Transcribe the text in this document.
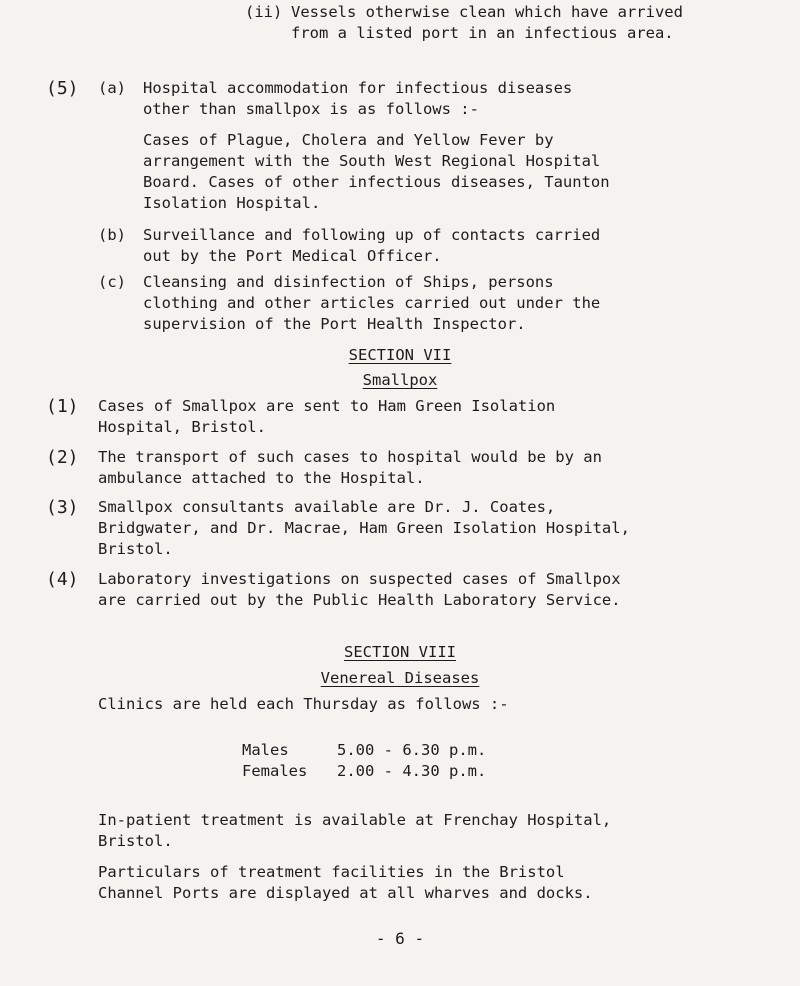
(ii) Vessels otherwise clean which have arrived
from a listed port in an infectious area.
(5) (a) Hospital accommodation for infectious diseases
other than smallpox is as follows :-
Cases of Plague, Cholera and Yellow Fever by
arrangement with the South West Regional Hospital
Board. Cases of other infectious diseases, Taunton
Isolation Hospital.
(b) Surveillance and following up of contacts carried
out by the Port Medical Officer.
(c) Cleansing and disinfection of Ships, persons
clothing and other articles carried out under the
supervision of the Port Health Inspector.
SECTION VII
Smallpox
(1) Cases of Smallpox are sent to Ham Green Isolation
Hospital, Bristol.
(2) The transport of such cases to hospital would be by an
ambulance attached to the Hospital.
(3) Smallpox consultants available are Dr. J. Coates,
Bridgwater, and Dr. Macrae, Ham Green Isolation Hospital,
Bristol.
(4) Laboratory investigations on suspected cases of Smallpox
are carried out by the Public Health Laboratory Service.
SECTION VIII
Venereal Diseases
Clinics are held each Thursday as follows :-
Males	5.00 - 6.30 p.m.
Females	2.00 - 4.30 p.m.
In-patient treatment is available at Frenchay Hospital,
Bristol.
Particulars of treatment facilities in the Bristol
Channel Ports are displayed at all wharves and docks.
- 6 -
